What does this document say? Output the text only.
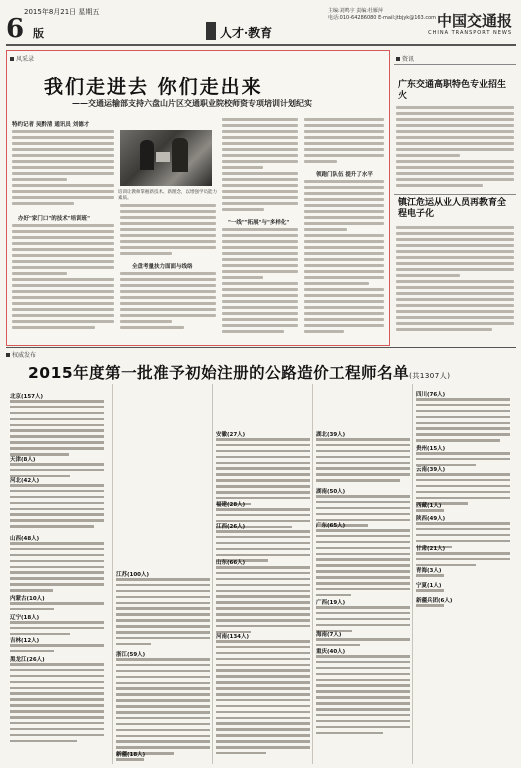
2015年8月21日 星期五
6 版	人才·教育
主编:刘鸣宇 责编:杜雁萍
电话:010-64286080 E-mail:jtbjyk@163.com 中国交通报
CHINA TRANSPORT NEWS
风采录
我们走进去 你们走出来
——交通运输部支持六盘山片区交通职业院校师资专项培训计划纪实
特约记者 吴黔清 通讯员 刘德才
办好"家门口"的技术"培训班"
培训让教师掌握新技术、新理念，以增强学员能力素质。
全盘考量扶力面面与线络
"一线""拓展"与"多样化"
领跑门队伍 提升了水平
资讯
广东交通高职特色专业招生火
镇江危运从业人员再教育全程电子化
权威发布
2015年度第一批准予初始注册的公路造价工程师名单(共1307人)
北京(157人)
天津(8人)
河北(42人)
山西(48人)
内蒙古(10人)
辽宁(18人)
吉林(12人)
黑龙江(26人)
江苏(100人)
浙江(59人)
新疆(18人)
安徽(27人)
福建(28人)
江西(26人)
山东(66人)
河南(134人)
湖北(39人)
湖南(50人)
广东(65人)
广西(19人)
海南(7人)
重庆(40人)
四川(76人)
贵州(15人)
云南(39人)
西藏(1人)
陕西(49人)
甘肃(21人)
青海(3人)
宁夏(1人)
新疆兵团(6人)
